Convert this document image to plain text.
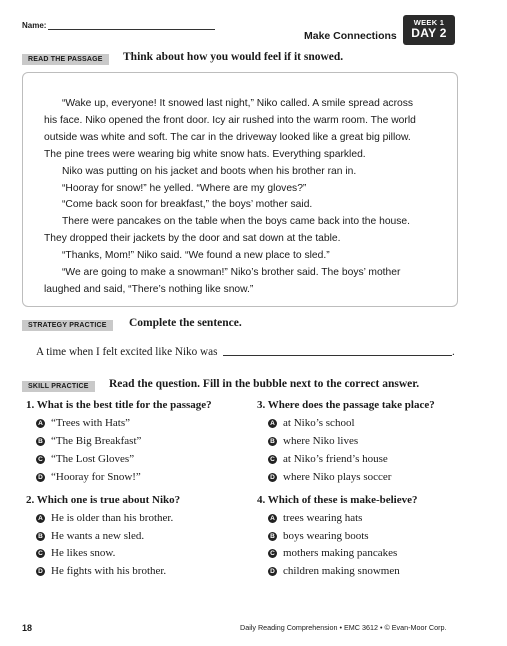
Name:
Make Connections
WEEK 1
DAY 2
READ THE PASSAGE	Think about how you would feel if it snowed.
“Wake up, everyone! It snowed last night,” Niko called. A smile spread across
his face. Niko opened the front door. Icy air rushed into the warm room. The world
outside was white and soft. The car in the driveway looked like a great big pillow.
The pine trees were wearing big white snow hats. Everything sparkled.
Niko was putting on his jacket and boots when his brother ran in.
“Hooray for snow!” he yelled. “Where are my gloves?”
“Come back soon for breakfast,” the boys’ mother said.
There were pancakes on the table when the boys came back into the house.
They dropped their jackets by the door and sat down at the table.
“Thanks, Mom!” Niko said. “We found a new place to sled.”
“We are going to make a snowman!” Niko’s brother said. The boys’ mother
laughed and said, “There’s nothing like snow.”
STRATEGY PRACTICE	Complete the sentence.
A time when I felt excited like Niko was	.
SKILL PRACTICE	Read the question. Fill in the bubble next to the correct answer.
1. What is the best title for the passage?
A “Trees with Hats”
B “The Big Breakfast”
C “The Lost Gloves”
D “Hooray for Snow!”
2. Which one is true about Niko?
A He is older than his brother.
B He wants a new sled.
C He likes snow.
D He fights with his brother.
3. Where does the passage take place?
A at Niko’s school
B where Niko lives
C at Niko’s friend’s house
D where Niko plays soccer
4. Which of these is make-believe?
A trees wearing hats
B boys wearing boots
C mothers making pancakes
D children making snowmen
18	Daily Reading Comprehension • EMC 3612 • © Evan-Moor Corp.
